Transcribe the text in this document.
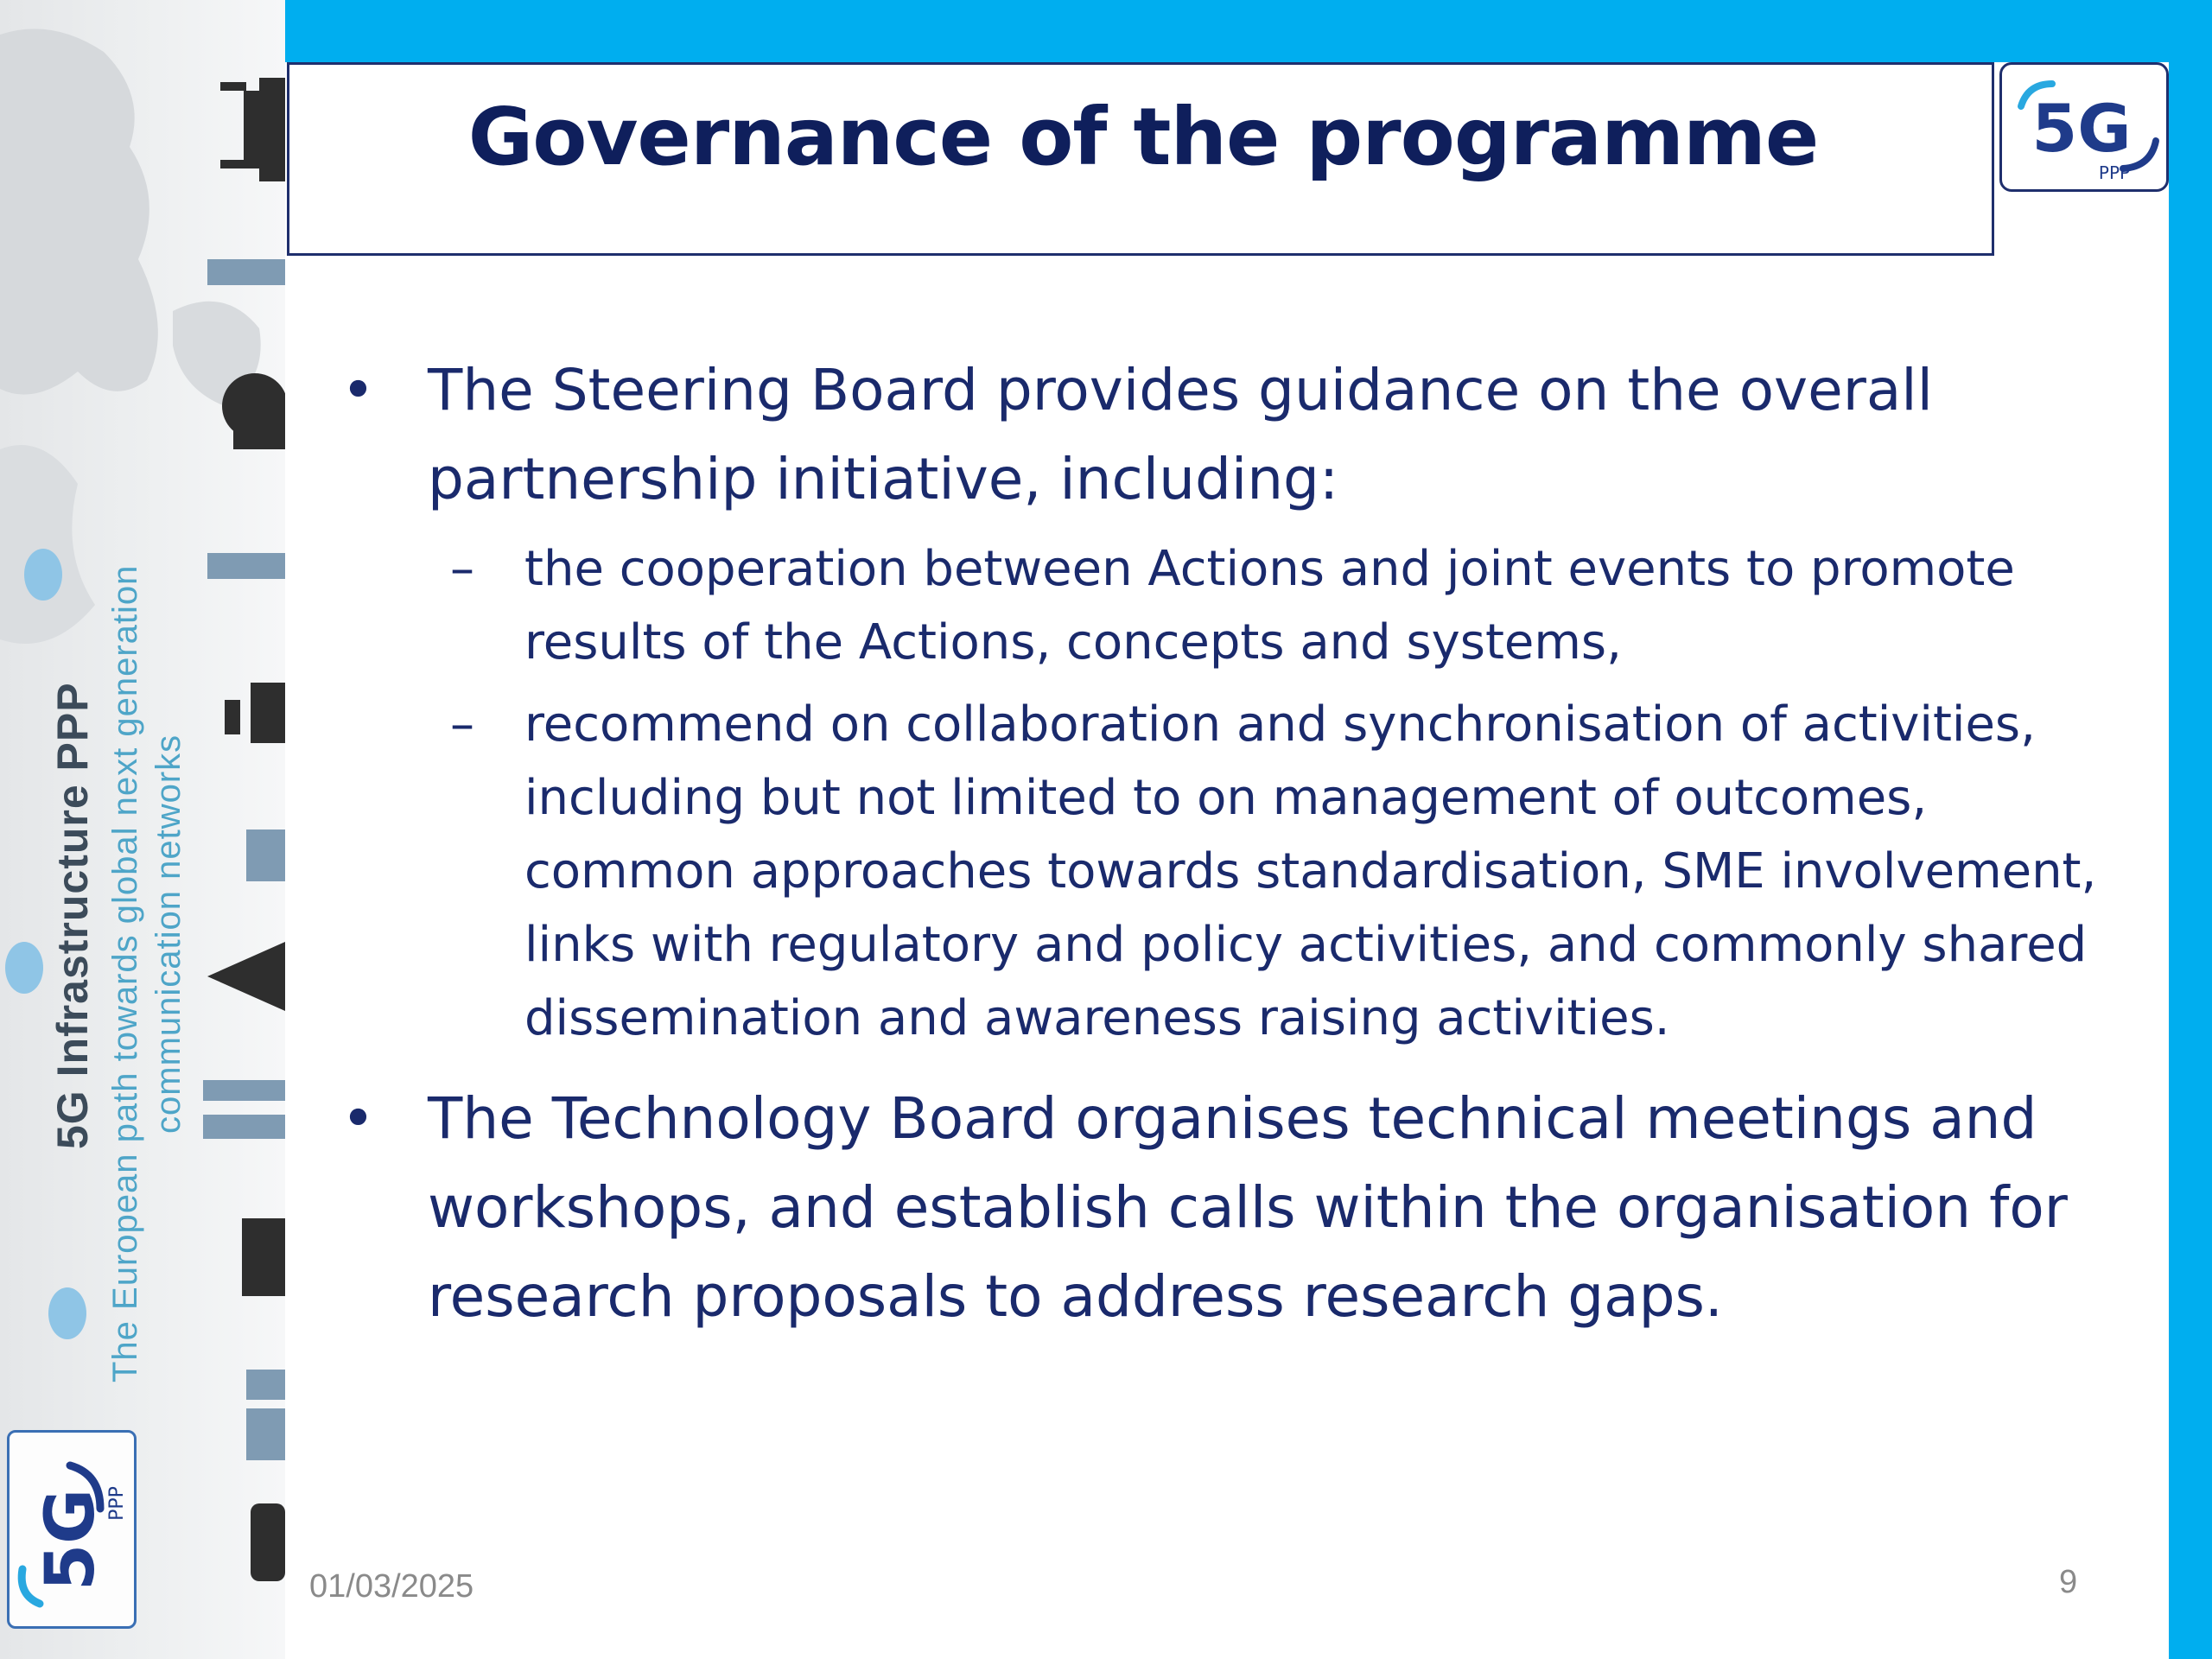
5G Infrastructure PPP The European path towards global next generation communication networks
5G
PPP
Governance of the programme	5G
PPP
• The Steering Board provides guidance on the overall partnership initiative, including:
– the cooperation between Actions and joint events to promote results of the Actions, concepts and systems,
– recommend on collaboration and synchronisation of activities, including but not limited to on management of outcomes, common approaches towards standardisation, SME involvement, links with regulatory and policy activities, and commonly shared dissemination and awareness raising activities.
• The Technology Board organises technical meetings and workshops, and establish calls within the organisation for research proposals to address research gaps.
01/03/2025	9
